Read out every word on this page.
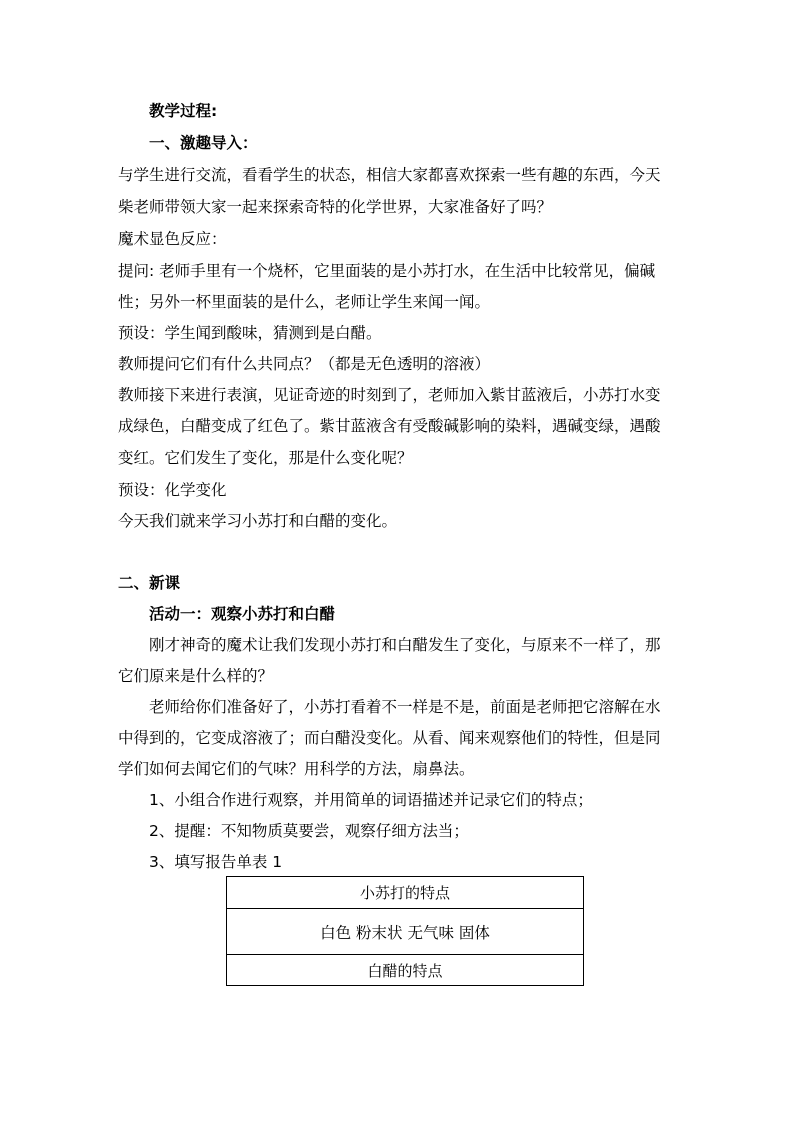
教学过程:
一、激趣导入：
与学生进行交流，看看学生的状态，相信大家都喜欢探索一些有趣的东西，今天
柴老师带领大家一起来探索奇特的化学世界，大家准备好了吗？
魔术显色反应：
提问: 老师手里有一个烧杯，它里面装的是小苏打水，在生活中比较常见，偏碱
性；另外一杯里面装的是什么，老师让学生来闻一闻。
预设：学生闻到酸味，猜测到是白醋。
教师提问它们有什么共同点？（都是无色透明的溶液）
教师接下来进行表演，见证奇迹的时刻到了，老师加入紫甘蓝液后，小苏打水变
成绿色，白醋变成了红色了。紫甘蓝液含有受酸碱影响的染料，遇碱变绿，遇酸
变红。它们发生了变化，那是什么变化呢？
预设：化学变化
今天我们就来学习小苏打和白醋的变化。
二、新课
活动一：观察小苏打和白醋
刚才神奇的魔术让我们发现小苏打和白醋发生了变化，与原来不一样了，那
它们原来是什么样的？
老师给你们准备好了，小苏打看着不一样是不是，前面是老师把它溶解在水
中得到的，它变成溶液了；而白醋没变化。从看、闻来观察他们的特性，但是同
学们如何去闻它们的气味？用科学的方法，扇鼻法。
1、小组合作进行观察，并用简单的词语描述并记录它们的特点；
2、提醒：不知物质莫要尝，观察仔细方法当；
3、填写报告单表 1
小苏打的特点
白色 粉末状 无气味 固体
白醋的特点
